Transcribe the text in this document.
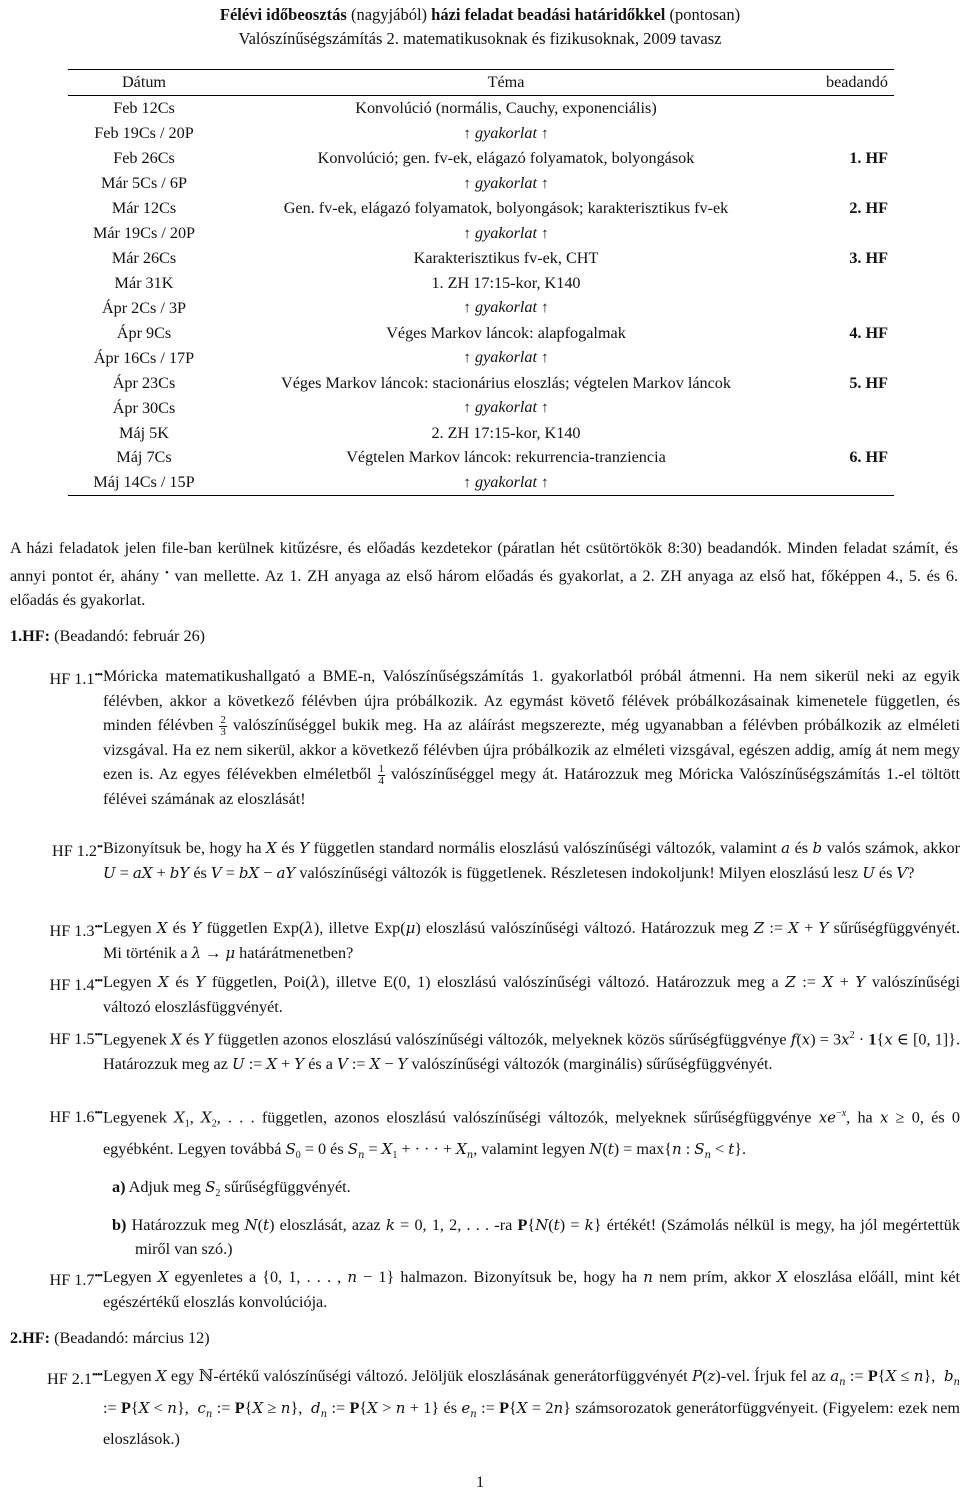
Félévi időbeosztás (nagyjából) házi feladat beadási határidőkkel (pontosan)
Valószínűségszámítás 2. matematikusoknak és fizikusoknak, 2009 tavasz
Dátum	Téma	beadandó
Feb 12Cs	Konvolúció (normális, Cauchy, exponenciális)	
Feb 19Cs / 20P	↑ gyakorlat ↑	
Feb 26Cs	Konvolúció; gen. fv-ek, elágazó folyamatok, bolyongások	1. HF
Már 5Cs / 6P	↑ gyakorlat ↑	
Már 12Cs	Gen. fv-ek, elágazó folyamatok, bolyongások; karakterisztikus fv-ek	2. HF
Már 19Cs / 20P	↑ gyakorlat ↑	
Már 26Cs	Karakterisztikus fv-ek, CHT	3. HF
Már 31K	1. ZH 17:15-kor, K140	
Ápr 2Cs / 3P	↑ gyakorlat ↑	
Ápr 9Cs	Véges Markov láncok: alapfogalmak	4. HF
Ápr 16Cs / 17P	↑ gyakorlat ↑	
Ápr 23Cs	Véges Markov láncok: stacionárius eloszlás; végtelen Markov láncok	5. HF
Ápr 30Cs	↑ gyakorlat ↑	
Máj 5K	2. ZH 17:15-kor, K140	
Máj 7Cs	Végtelen Markov láncok: rekurrencia-tranziencia	6. HF
Máj 14Cs / 15P	↑ gyakorlat ↑	
A házi feladatok jelen file-ban kerülnek kitűzésre, és előadás kezdetekor (páratlan hét csütörtökök 8:30) beadandók. Minden feladat számít, és annyi pontot ér, ahány • van mellette. Az 1. ZH anyaga az első három előadás és gyakorlat, a 2. ZH anyaga az első hat, főképpen 4., 5. és 6. előadás és gyakorlat.
1.HF: (Beadandó: február 26)
HF 1.1••• Móricka matematikushallgató a BME-n, Valószínűségszámítás 1. gyakorlatból próbál átmenni. Ha nem sikerül neki az egyik félévben, akkor a következő félévben újra próbálkozik. Az egymást követő félévek próbálkozásainak kimenetele független, és minden félévben $\frac{2}{3}$ valószínűséggel bukik meg. Ha az aláírást megszerezte, még ugyanabban a félévben próbálkozik az elméleti vizsgával. Ha ez nem sikerül, akkor a következő félévben újra próbálkozik az elméleti vizsgával, egészen addig, amíg át nem megy ezen is. Az egyes félévekben elméletből $\frac{1}{4}$ valószínűséggel megy át. Határozzuk meg Móricka Valószínűségszámítás 1.-el töltött félévei számának az eloszlását!
HF 1.2•• Bizonyítsuk be, hogy ha X és Y független standard normális eloszlású valószínűségi változók, valamint a és b valós számok, akkor U = aX + bY és V = bX − aY valószínűségi változók is függetlenek. Részletesen indokoljunk! Milyen eloszlású lesz U és V?
HF 1.3••• Legyen X és Y független Exp(λ), illetve Exp(μ) eloszlású valószínűségi változó. Határozzuk meg Z := X + Y sűrűségfüggvényét. Mi történik a λ → μ határátmenetben?
HF 1.4••• Legyen X és Y független, Poi(λ), illetve E(0, 1) eloszlású valószínűségi változó. Határozzuk meg a Z := X + Y valószínűségi változó eloszlásfüggvényét.
HF 1.5••• Legyenek X és Y független azonos eloszlású valószínűségi változók, melyeknek közös sűrűségfüggvénye $f(x) = 3x^2 \cdot 1\{x$ ∈ [0, 1]}. Határozzuk meg az U := X + Y és a V := X − Y valószínűségi változók (marginális) sűrűségfüggvényét.
HF 1.6••• Legyenek $X_1$, $X_2$, . . . független, azonos eloszlású valószínűségi változók, melyeknek sűrűségfüggvénye $xe^{-x}$, ha x ≥ 0, és 0 egyébként. Legyen továbbá $S_0 = 0$ és $S_n = X_1$ + · · · + $X_n$, valamint legyen N(t) = max{n : $S_n < t$}.
a) Adjuk meg $S_2$ sűrűségfüggvényét.
b) Határozzuk meg N(t) eloszlását, azaz k = 0, 1, 2, . . . -ra P{N(t) = k} értékét! (Számolás nélkül is megy, ha jól megértettük miről van szó.)
HF 1.7••• Legyen X egyenletes a {0, 1, . . . , n − 1} halmazon. Bizonyítsuk be, hogy ha n nem prím, akkor X eloszlása előáll, mint két egészértékű eloszlás konvolúciója.
2.HF: (Beadandó: március 12)
HF 2.1•••• Legyen X egy ℕ-értékű valószínűségi változó. Jelöljük eloszlásának generátorfüggvényét P(z)-vel. Írjuk fel az $a_n$ := P{X ≤ n},  $b_n$ := P{X < n},  $c_n$ := P{X ≥ n},  $d_n$ := P{X > n + 1} és $e_n$ := P{X = 2n} számsorozatok generátorfüggvényeit. (Figyelem: ezek nem eloszlások.)
1
